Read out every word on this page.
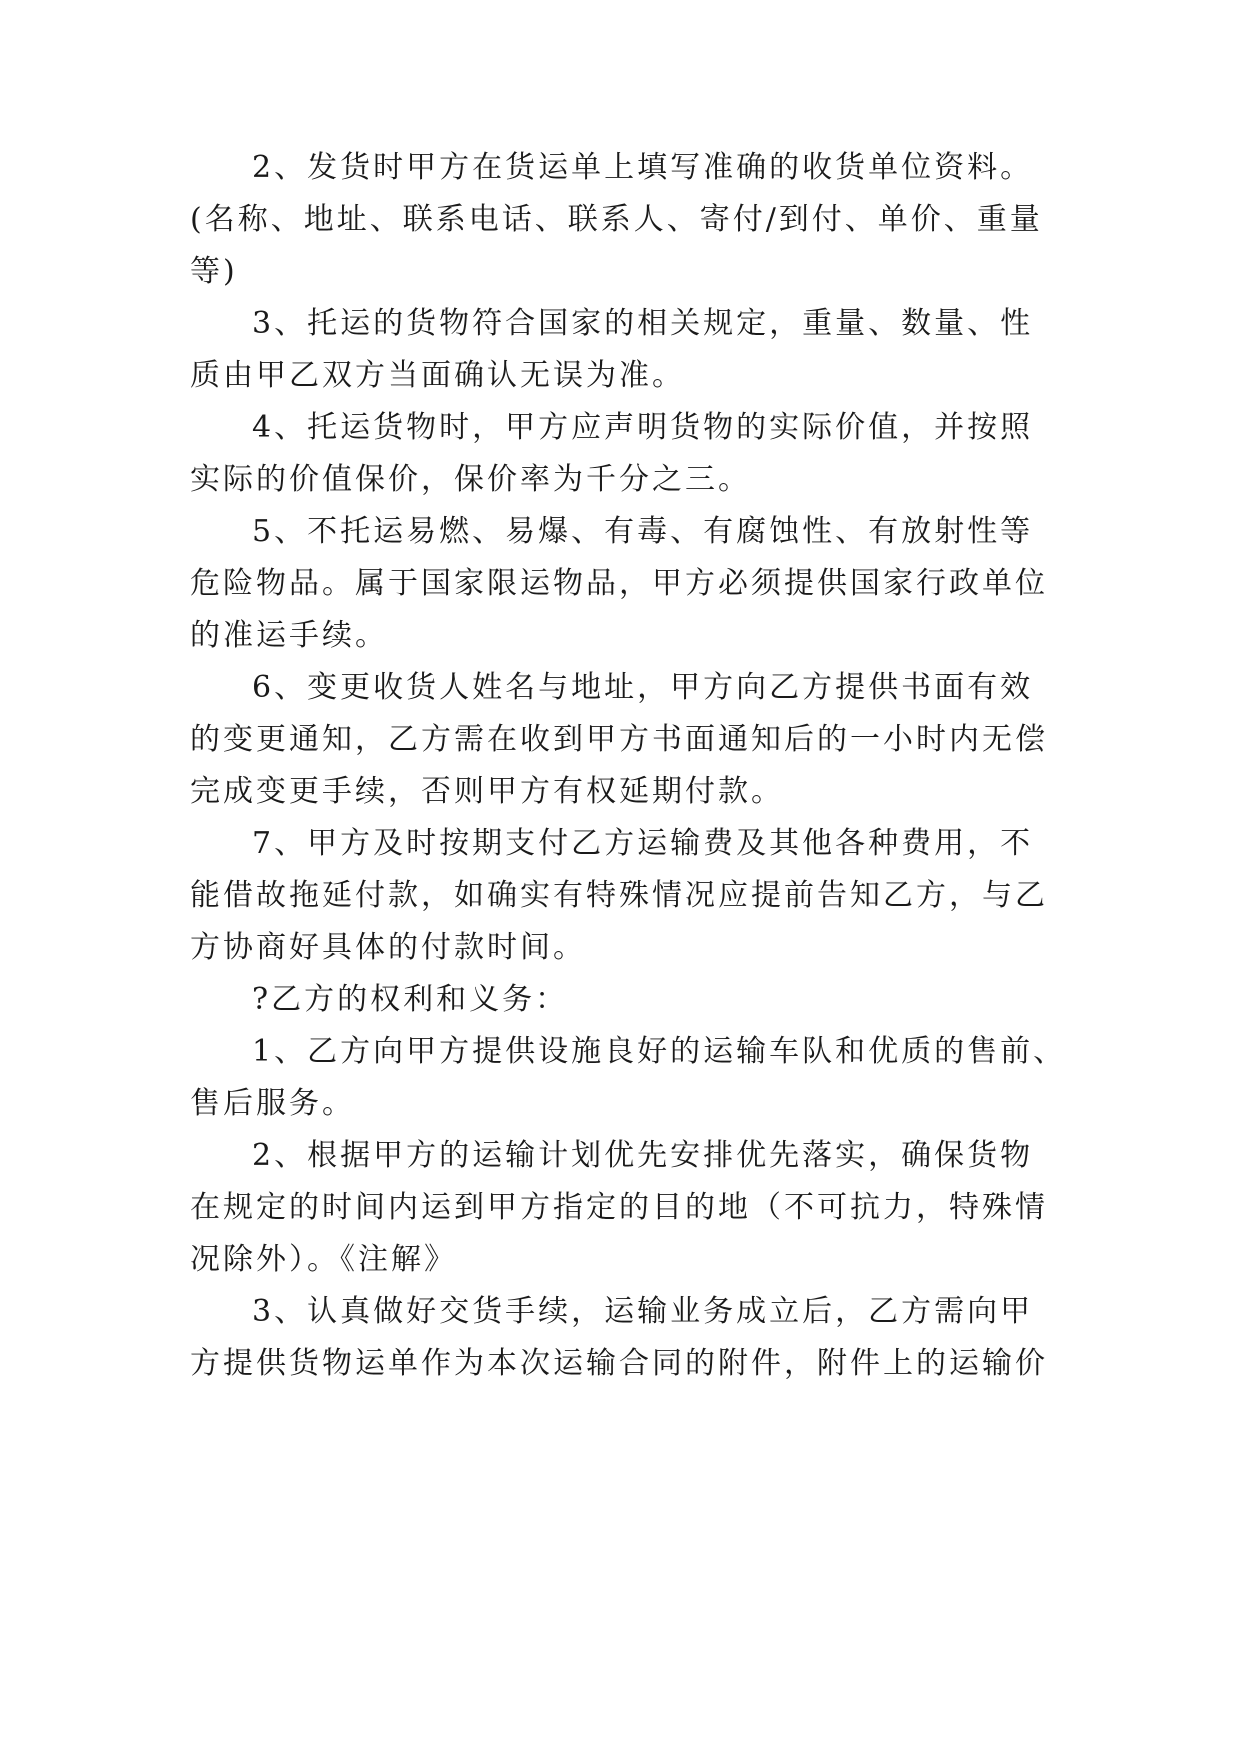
2、发货时甲方在货运单上填写准确的收货单位资料。
(名称、地址、联系电话、联系人、寄付/到付、单价、重量
等)
3、托运的货物符合国家的相关规定，重量、数量、性
质由甲乙双方当面确认无误为准。
4、托运货物时，甲方应声明货物的实际价值，并按照
实际的价值保价，保价率为千分之三。
5、不托运易燃、易爆、有毒、有腐蚀性、有放射性等
危险物品。属于国家限运物品，甲方必须提供国家行政单位
的准运手续。
6、变更收货人姓名与地址，甲方向乙方提供书面有效
的变更通知，乙方需在收到甲方书面通知后的一小时内无偿
完成变更手续，否则甲方有权延期付款。
7、甲方及时按期支付乙方运输费及其他各种费用，不
能借故拖延付款，如确实有特殊情况应提前告知乙方，与乙
方协商好具体的付款时间。
?乙方的权利和义务：
1、乙方向甲方提供设施良好的运输车队和优质的售前、
售后服务。
2、根据甲方的运输计划优先安排优先落实，确保货物
在规定的时间内运到甲方指定的目的地（不可抗力，特殊情
况除外）。《注解》
3、认真做好交货手续，运输业务成立后，乙方需向甲
方提供货物运单作为本次运输合同的附件，附件上的运输价
